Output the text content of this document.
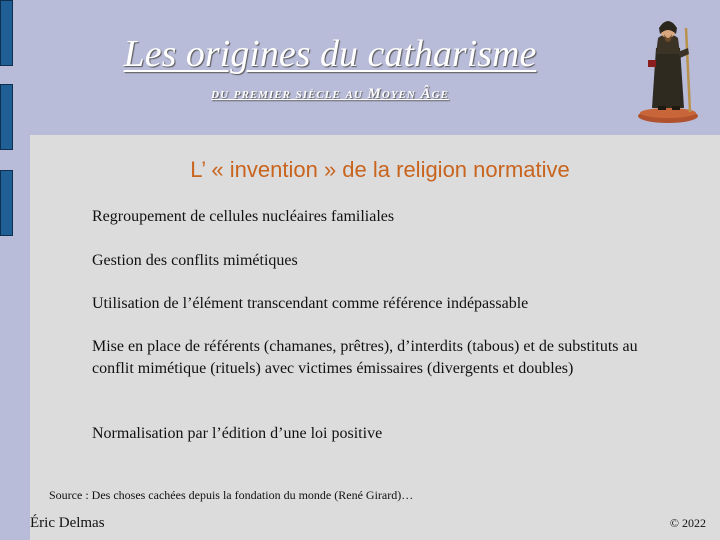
Les origines du catharisme
du premier siècle au Moyen Âge
L’ « invention » de la religion normative
Regroupement de cellules nucléaires familiales
Gestion des conflits mimétiques
Utilisation de l’élément transcendant comme référence indépassable
Mise en place de référents (chamanes, prêtres), d’interdits (tabous) et de substituts au conflit mimétique (rituels) avec victimes émissaires (divergents et doubles)
Normalisation par l’édition d’une loi positive
Source : Des choses cachées depuis la fondation du monde (René Girard)…
Éric Delmas	© 2022
